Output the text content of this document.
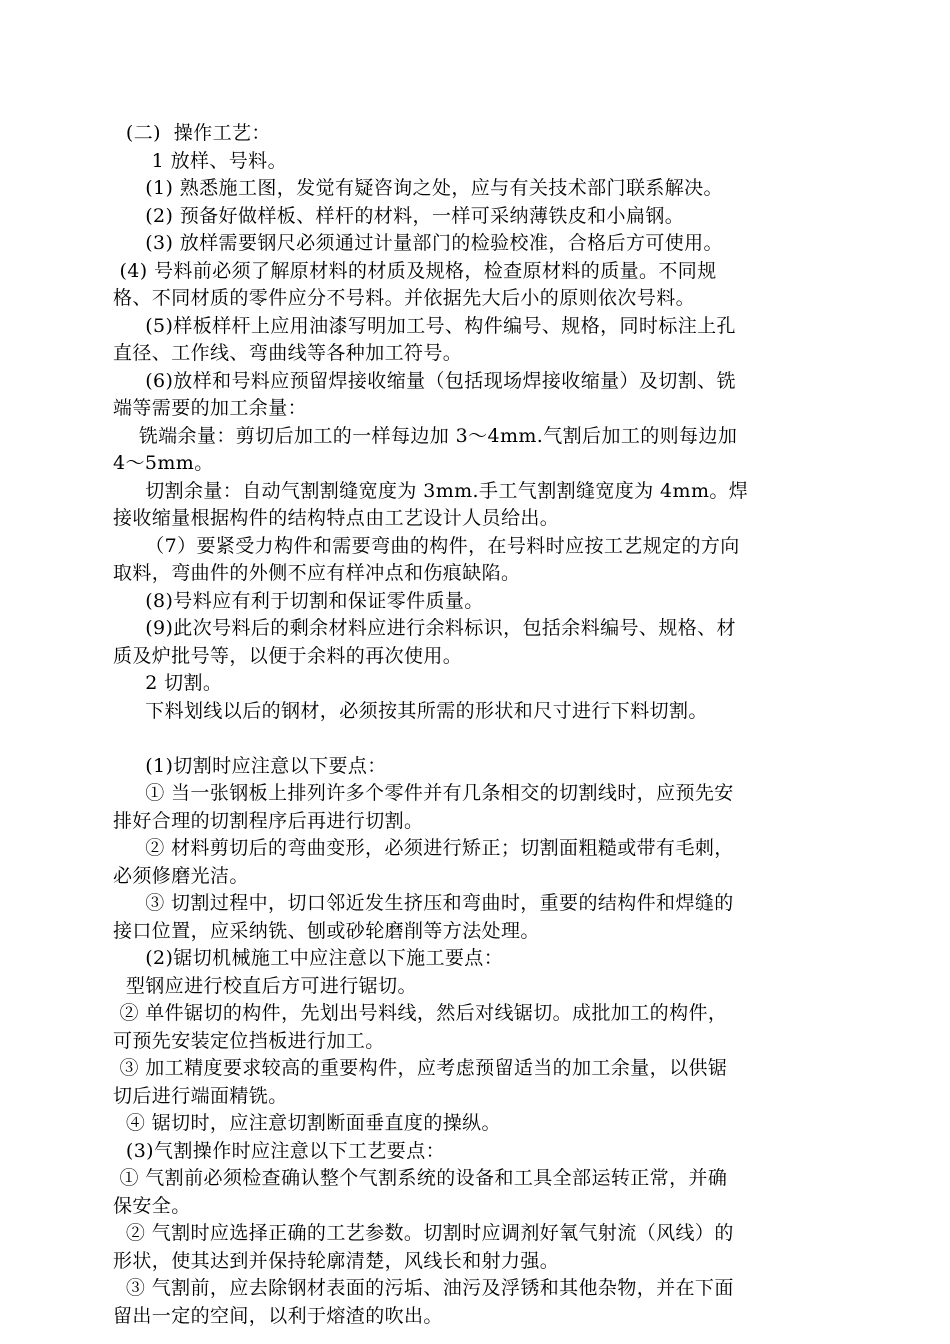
(二)  操作工艺：
1 放样、号料。
(1) 熟悉施工图，发觉有疑咨询之处，应与有关技术部门联系解决。
(2) 预备好做样板、样杆的材料，一样可采纳薄铁皮和小扁钢。
(3) 放样需要钢尺必须通过计量部门的检验校准，合格后方可使用。
(4) 号料前必须了解原材料的材质及规格，检查原材料的质量。不同规
格、不同材质的零件应分不号料。并依据先大后小的原则依次号料。
(5)样板样杆上应用油漆写明加工号、构件编号、规格，同时标注上孔
直径、工作线、弯曲线等各种加工符号。
(6)放样和号料应预留焊接收缩量（包括现场焊接收缩量）及切割、铣
端等需要的加工余量：
铣端余量：剪切后加工的一样每边加 3～4mm.气割后加工的则每边加
4～5mm。
切割余量：自动气割割缝宽度为 3mm.手工气割割缝宽度为 4mm。焊
接收缩量根据构件的结构特点由工艺设计人员给出。
（7）要紧受力构件和需要弯曲的构件，在号料时应按工艺规定的方向
取料，弯曲件的外侧不应有样冲点和伤痕缺陷。
(8)号料应有利于切割和保证零件质量。
(9)此次号料后的剩余材料应进行余料标识，包括余料编号、规格、材
质及炉批号等，以便于余料的再次使用。
2 切割。
下料划线以后的钢材，必须按其所需的形状和尺寸进行下料切割。
(1)切割时应注意以下要点：
① 当一张钢板上排列许多个零件并有几条相交的切割线时，应预先安
排好合理的切割程序后再进行切割。
② 材料剪切后的弯曲变形，必须进行矫正；切割面粗糙或带有毛刺，
必须修磨光洁。
③ 切割过程中，切口邻近发生挤压和弯曲时，重要的结构件和焊缝的
接口位置，应采纳铣、刨或砂轮磨削等方法处理。
(2)锯切机械施工中应注意以下施工要点：
型钢应进行校直后方可进行锯切。
② 单件锯切的构件，先划出号料线，然后对线锯切。成批加工的构件，
可预先安装定位挡板进行加工。
③ 加工精度要求较高的重要构件，应考虑预留适当的加工余量，以供锯
切后进行端面精铣。
④ 锯切时，应注意切割断面垂直度的操纵。
(3)气割操作时应注意以下工艺要点：
① 气割前必须检查确认整个气割系统的设备和工具全部运转正常，并确
保安全。
② 气割时应选择正确的工艺参数。切割时应调剂好氧气射流（风线）的
形状，使其达到并保持轮廓清楚，风线长和射力强。
③ 气割前，应去除钢材表面的污垢、油污及浮锈和其他杂物，并在下面
留出一定的空间，以利于熔渣的吹出。
